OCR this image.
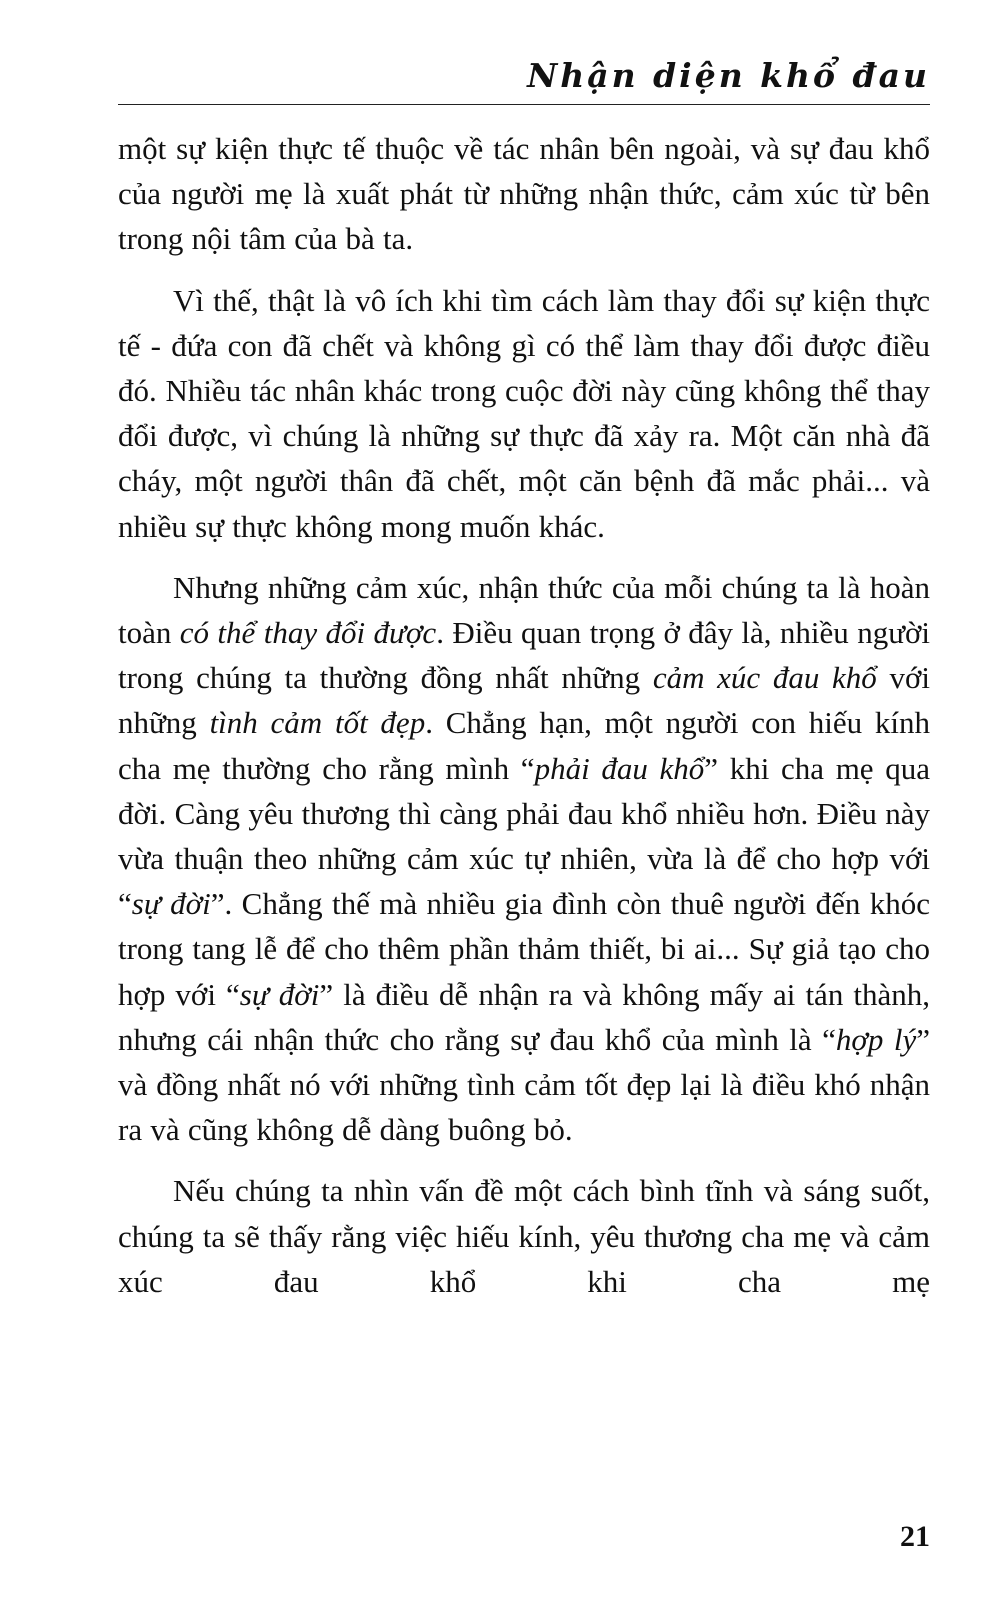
Nhận diện khổ đau

một sự kiện thực tế thuộc về tác nhân bên ngoài, và sự đau khổ của người mẹ là xuất phát từ những nhận thức, cảm xúc từ bên trong nội tâm của bà ta.

Vì thế, thật là vô ích khi tìm cách làm thay đổi sự kiện thực tế - đứa con đã chết và không gì có thể làm thay đổi được điều đó. Nhiều tác nhân khác trong cuộc đời này cũng không thể thay đổi được, vì chúng là những sự thực đã xảy ra. Một căn nhà đã cháy, một người thân đã chết, một căn bệnh đã mắc phải... và nhiều sự thực không mong muốn khác.

Nhưng những cảm xúc, nhận thức của mỗi chúng ta là hoàn toàn có thể thay đổi được. Điều quan trọng ở đây là, nhiều người trong chúng ta thường đồng nhất những cảm xúc đau khổ với những tình cảm tốt đẹp. Chẳng hạn, một người con hiếu kính cha mẹ thường cho rằng mình “phải đau khổ” khi cha mẹ qua đời. Càng yêu thương thì càng phải đau khổ nhiều hơn. Điều này vừa thuận theo những cảm xúc tự nhiên, vừa là để cho hợp với “sự đời”. Chẳng thế mà nhiều gia đình còn thuê người đến khóc trong tang lễ để cho thêm phần thảm thiết, bi ai... Sự giả tạo cho hợp với “sự đời” là điều dễ nhận ra và không mấy ai tán thành, nhưng cái nhận thức cho rằng sự đau khổ của mình là “hợp lý” và đồng nhất nó với những tình cảm tốt đẹp lại là điều khó nhận ra và cũng không dễ dàng buông bỏ.

Nếu chúng ta nhìn vấn đề một cách bình tĩnh và sáng suốt, chúng ta sẽ thấy rằng việc hiếu kính, yêu thương cha mẹ và cảm xúc đau khổ khi cha mẹ

21
